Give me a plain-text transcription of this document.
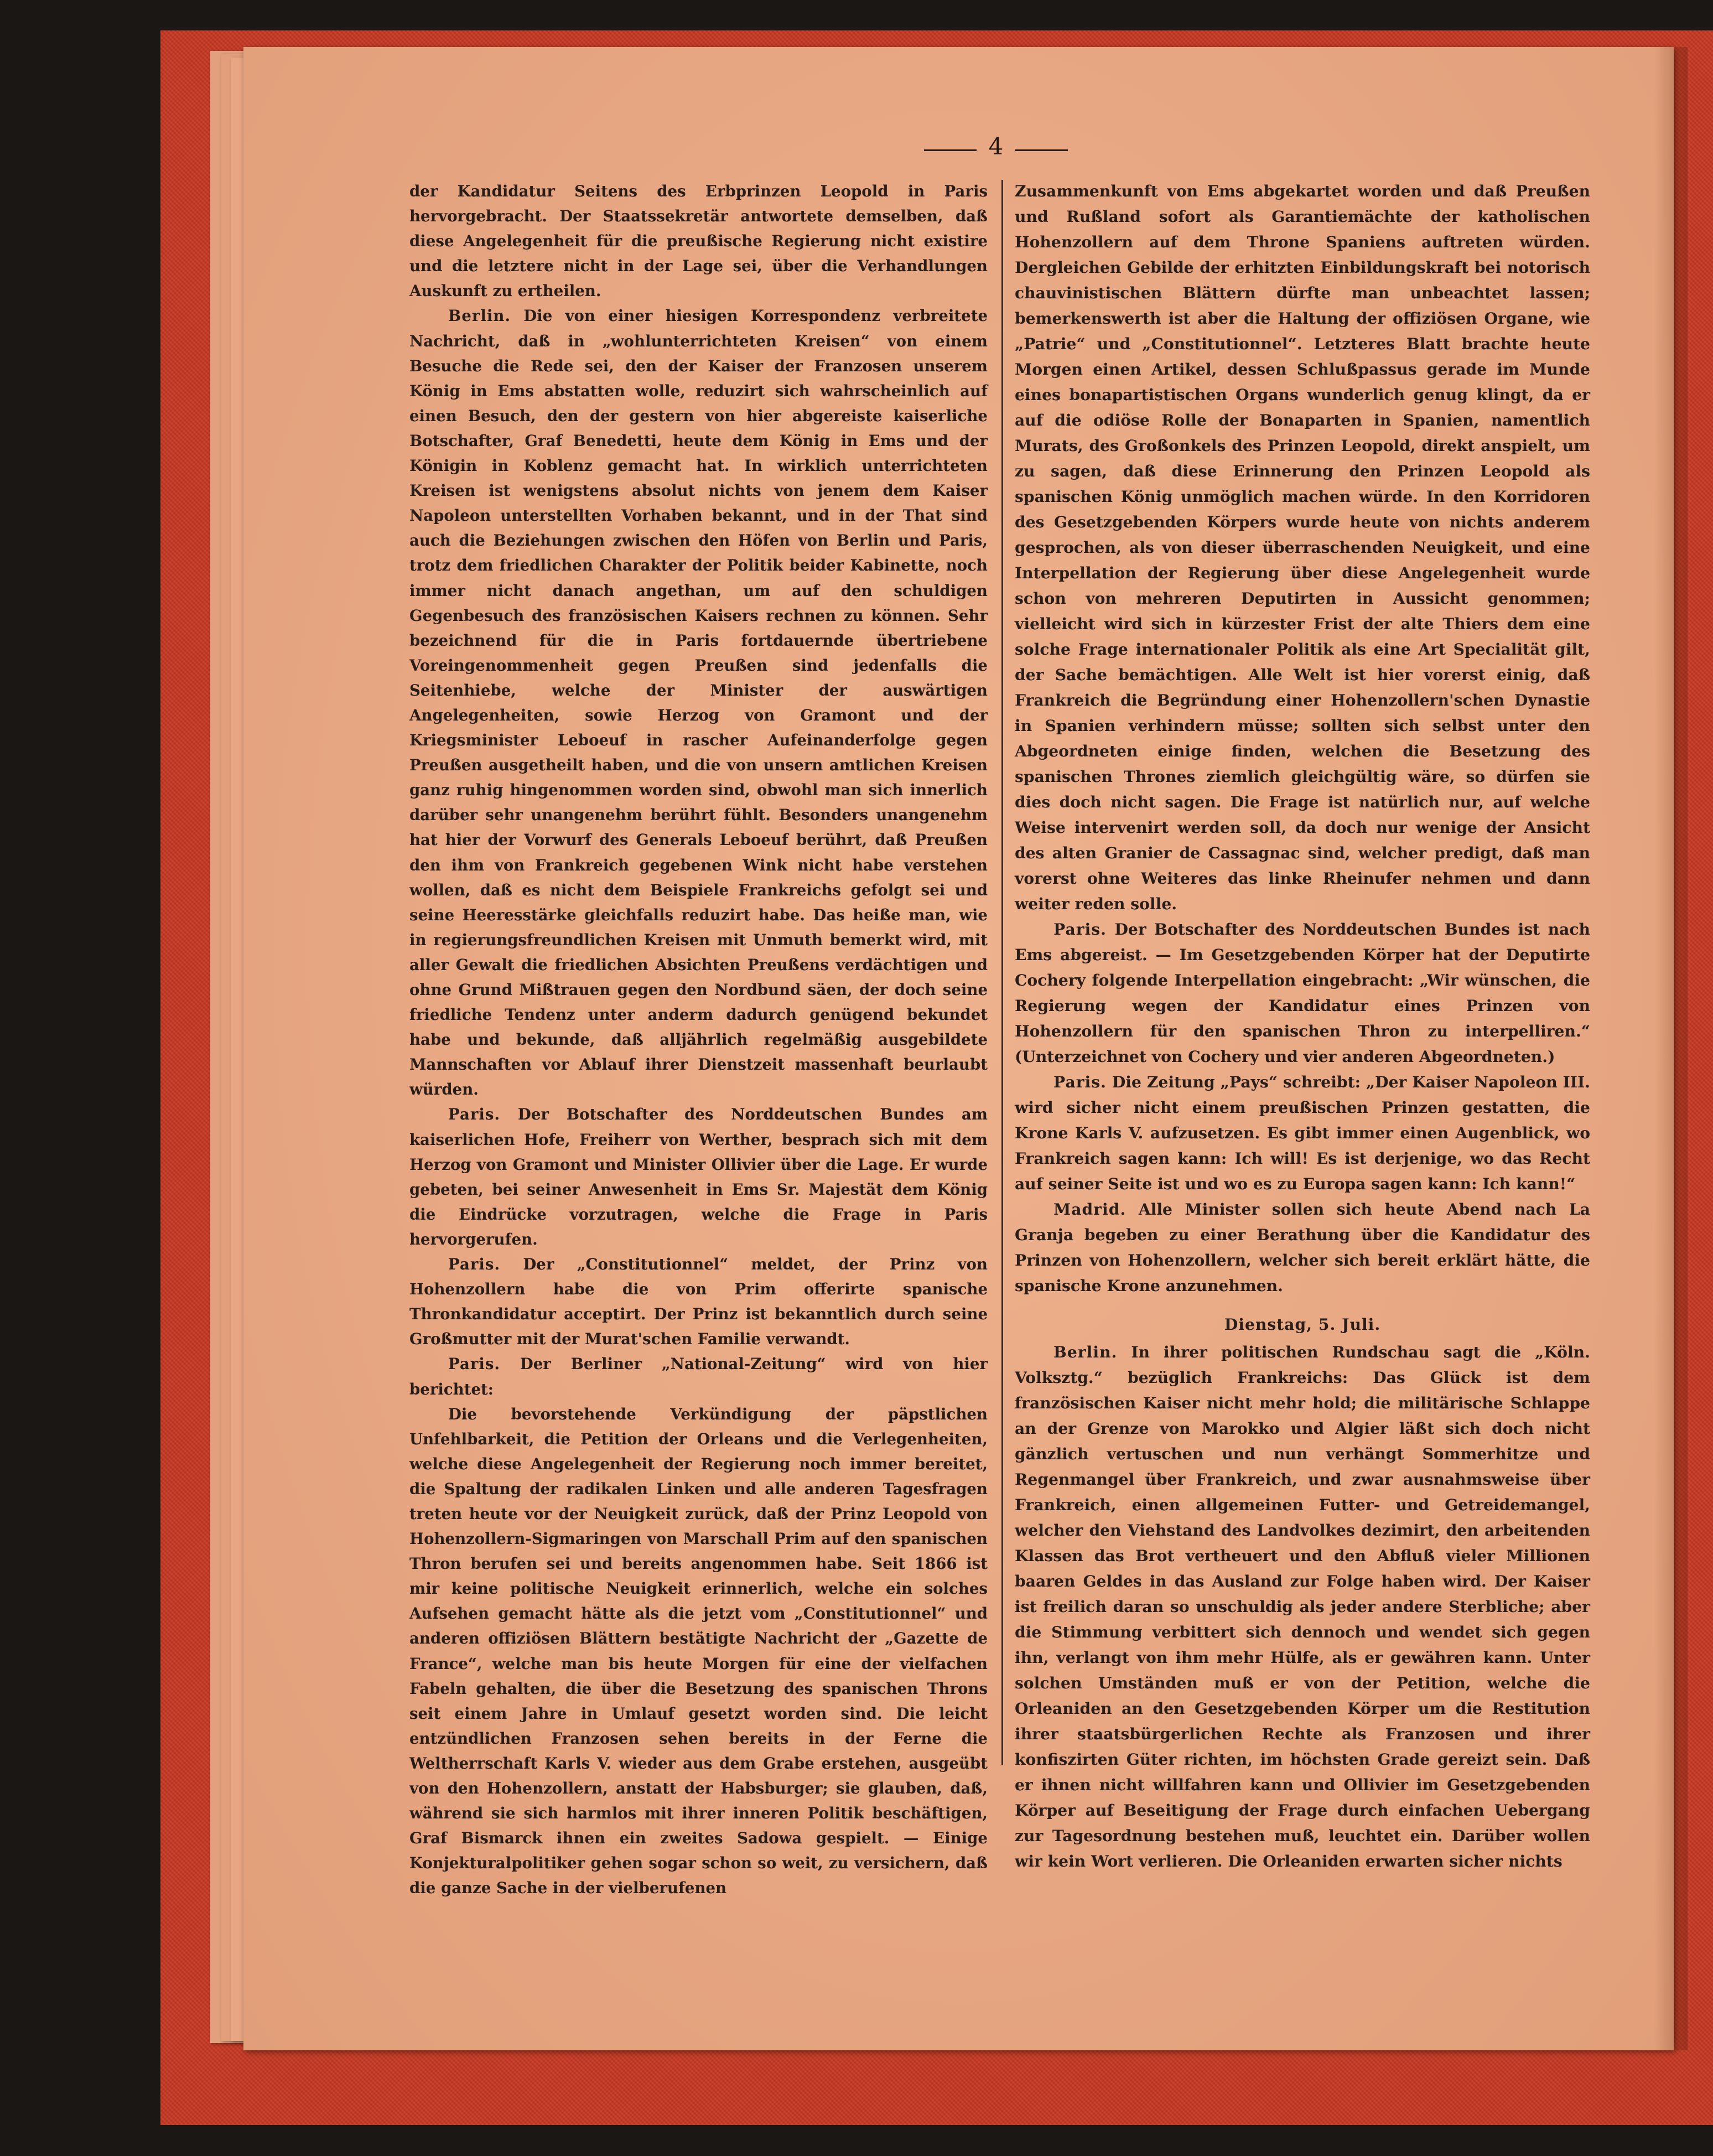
4

der Kandidatur Seitens des Erbprinzen Leopold in Paris hervorgebracht. Der Staatssekretär antwortete demselben, daß diese Angelegenheit für die preußische Regierung nicht existire und die letztere nicht in der Lage sei, über die Verhandlungen Auskunft zu ertheilen.

Berlin. Die von einer hiesigen Korrespondenz verbreitete Nachricht, daß in „wohlunterrichteten Kreisen“ von einem Besuche die Rede sei, den der Kaiser der Franzosen unserem König in Ems abstatten wolle, reduzirt sich wahrscheinlich auf einen Besuch, den der gestern von hier abgereiste kaiserliche Botschafter, Graf Benedetti, heute dem König in Ems und der Königin in Koblenz gemacht hat. In wirklich unterrichteten Kreisen ist wenigstens absolut nichts von jenem dem Kaiser Napoleon unterstellten Vorhaben bekannt, und in der That sind auch die Beziehungen zwischen den Höfen von Berlin und Paris, trotz dem friedlichen Charakter der Politik beider Kabinette, noch immer nicht danach angethan, um auf den schuldigen Gegenbesuch des französischen Kaisers rechnen zu können. Sehr bezeichnend für die in Paris fortdauernde übertriebene Voreingenommenheit gegen Preußen sind jedenfalls die Seitenhiebe, welche der Minister der auswärtigen Angelegenheiten, sowie Herzog von Gramont und der Kriegsminister Leboeuf in rascher Aufeinanderfolge gegen Preußen ausgetheilt haben, und die von unsern amtlichen Kreisen ganz ruhig hingenommen worden sind, obwohl man sich innerlich darüber sehr unangenehm berührt fühlt. Besonders unangenehm hat hier der Vorwurf des Generals Leboeuf berührt, daß Preußen den ihm von Frankreich gegebenen Wink nicht habe verstehen wollen, daß es nicht dem Beispiele Frankreichs gefolgt sei und seine Heeresstärke gleichfalls reduzirt habe. Das heiße man, wie in regierungsfreundlichen Kreisen mit Unmuth bemerkt wird, mit aller Gewalt die friedlichen Absichten Preußens verdächtigen und ohne Grund Mißtrauen gegen den Nordbund säen, der doch seine friedliche Tendenz unter anderm dadurch genügend bekundet habe und bekunde, daß alljährlich regelmäßig ausgebildete Mannschaften vor Ablauf ihrer Dienstzeit massenhaft beurlaubt würden.

Paris. Der Botschafter des Norddeutschen Bundes am kaiserlichen Hofe, Freiherr von Werther, besprach sich mit dem Herzog von Gramont und Minister Ollivier über die Lage. Er wurde gebeten, bei seiner Anwesenheit in Ems Sr. Majestät dem König die Eindrücke vorzutragen, welche die Frage in Paris hervorgerufen.

Paris. Der „Constitutionnel“ meldet, der Prinz von Hohenzollern habe die von Prim offerirte spanische Thronkandidatur acceptirt. Der Prinz ist bekanntlich durch seine Großmutter mit der Murat'schen Familie verwandt.

Paris. Der Berliner „National-Zeitung“ wird von hier berichtet:

Die bevorstehende Verkündigung der päpstlichen Unfehlbarkeit, die Petition der Orleans und die Verlegenheiten, welche diese Angelegenheit der Regierung noch immer bereitet, die Spaltung der radikalen Linken und alle anderen Tagesfragen treten heute vor der Neuigkeit zurück, daß der Prinz Leopold von Hohenzollern-Sigmaringen von Marschall Prim auf den spanischen Thron berufen sei und bereits angenommen habe. Seit 1866 ist mir keine politische Neuigkeit erinnerlich, welche ein solches Aufsehen gemacht hätte als die jetzt vom „Constitutionnel“ und anderen offiziösen Blättern bestätigte Nachricht der „Gazette de France“, welche man bis heute Morgen für eine der vielfachen Fabeln gehalten, die über die Besetzung des spanischen Throns seit einem Jahre in Umlauf gesetzt worden sind. Die leicht entzündlichen Franzosen sehen bereits in der Ferne die Weltherrschaft Karls V. wieder aus dem Grabe erstehen, ausgeübt von den Hohenzollern, anstatt der Habsburger; sie glauben, daß, während sie sich harmlos mit ihrer inneren Politik beschäftigen, Graf Bismarck ihnen ein zweites Sadowa gespielt. — Einige Konjekturalpolitiker gehen sogar schon so weit, zu versichern, daß die ganze Sache in der vielberufenen

Zusammenkunft von Ems abgekartet worden und daß Preußen und Rußland sofort als Garantiemächte der katholischen Hohenzollern auf dem Throne Spaniens auftreten würden. Dergleichen Gebilde der erhitzten Einbildungskraft bei notorisch chauvinistischen Blättern dürfte man unbeachtet lassen; bemerkenswerth ist aber die Haltung der offiziösen Organe, wie „Patrie“ und „Constitutionnel“. Letzteres Blatt brachte heute Morgen einen Artikel, dessen Schlußpassus gerade im Munde eines bonapartistischen Organs wunderlich genug klingt, da er auf die odiöse Rolle der Bonaparten in Spanien, namentlich Murats, des Großonkels des Prinzen Leopold, direkt anspielt, um zu sagen, daß diese Erinnerung den Prinzen Leopold als spanischen König unmöglich machen würde. In den Korridoren des Gesetzgebenden Körpers wurde heute von nichts anderem gesprochen, als von dieser überraschenden Neuigkeit, und eine Interpellation der Regierung über diese Angelegenheit wurde schon von mehreren Deputirten in Aussicht genommen; vielleicht wird sich in kürzester Frist der alte Thiers dem eine solche Frage internationaler Politik als eine Art Specialität gilt, der Sache bemächtigen. Alle Welt ist hier vorerst einig, daß Frankreich die Begründung einer Hohenzollern'schen Dynastie in Spanien verhindern müsse; sollten sich selbst unter den Abgeordneten einige finden, welchen die Besetzung des spanischen Thrones ziemlich gleichgültig wäre, so dürfen sie dies doch nicht sagen. Die Frage ist natürlich nur, auf welche Weise intervenirt werden soll, da doch nur wenige der Ansicht des alten Granier de Cassagnac sind, welcher predigt, daß man vorerst ohne Weiteres das linke Rheinufer nehmen und dann weiter reden solle.

Paris. Der Botschafter des Norddeutschen Bundes ist nach Ems abgereist. — Im Gesetzgebenden Körper hat der Deputirte Cochery folgende Interpellation eingebracht: „Wir wünschen, die Regierung wegen der Kandidatur eines Prinzen von Hohenzollern für den spanischen Thron zu interpelliren.“ (Unterzeichnet von Cochery und vier anderen Abgeordneten.)

Paris. Die Zeitung „Pays“ schreibt: „Der Kaiser Napoleon III. wird sicher nicht einem preußischen Prinzen gestatten, die Krone Karls V. aufzusetzen. Es gibt immer einen Augenblick, wo Frankreich sagen kann: Ich will! Es ist derjenige, wo das Recht auf seiner Seite ist und wo es zu Europa sagen kann: Ich kann!“

Madrid. Alle Minister sollen sich heute Abend nach La Granja begeben zu einer Berathung über die Kandidatur des Prinzen von Hohenzollern, welcher sich bereit erklärt hätte, die spanische Krone anzunehmen.

Dienstag, 5. Juli.

Berlin. In ihrer politischen Rundschau sagt die „Köln. Volksztg.“ bezüglich Frankreichs: Das Glück ist dem französischen Kaiser nicht mehr hold; die militärische Schlappe an der Grenze von Marokko und Algier läßt sich doch nicht gänzlich vertuschen und nun verhängt Sommerhitze und Regenmangel über Frankreich, und zwar ausnahmsweise über Frankreich, einen allgemeinen Futter- und Getreidemangel, welcher den Viehstand des Landvolkes dezimirt, den arbeitenden Klassen das Brot vertheuert und den Abfluß vieler Millionen baaren Geldes in das Ausland zur Folge haben wird. Der Kaiser ist freilich daran so unschuldig als jeder andere Sterbliche; aber die Stimmung verbittert sich dennoch und wendet sich gegen ihn, verlangt von ihm mehr Hülfe, als er gewähren kann. Unter solchen Umständen muß er von der Petition, welche die Orleaniden an den Gesetzgebenden Körper um die Restitution ihrer staatsbürgerlichen Rechte als Franzosen und ihrer konfiszirten Güter richten, im höchsten Grade gereizt sein. Daß er ihnen nicht willfahren kann und Ollivier im Gesetzgebenden Körper auf Beseitigung der Frage durch einfachen Uebergang zur Tagesordnung bestehen muß, leuchtet ein. Darüber wollen wir kein Wort verlieren. Die Orleaniden erwarten sicher nichts
